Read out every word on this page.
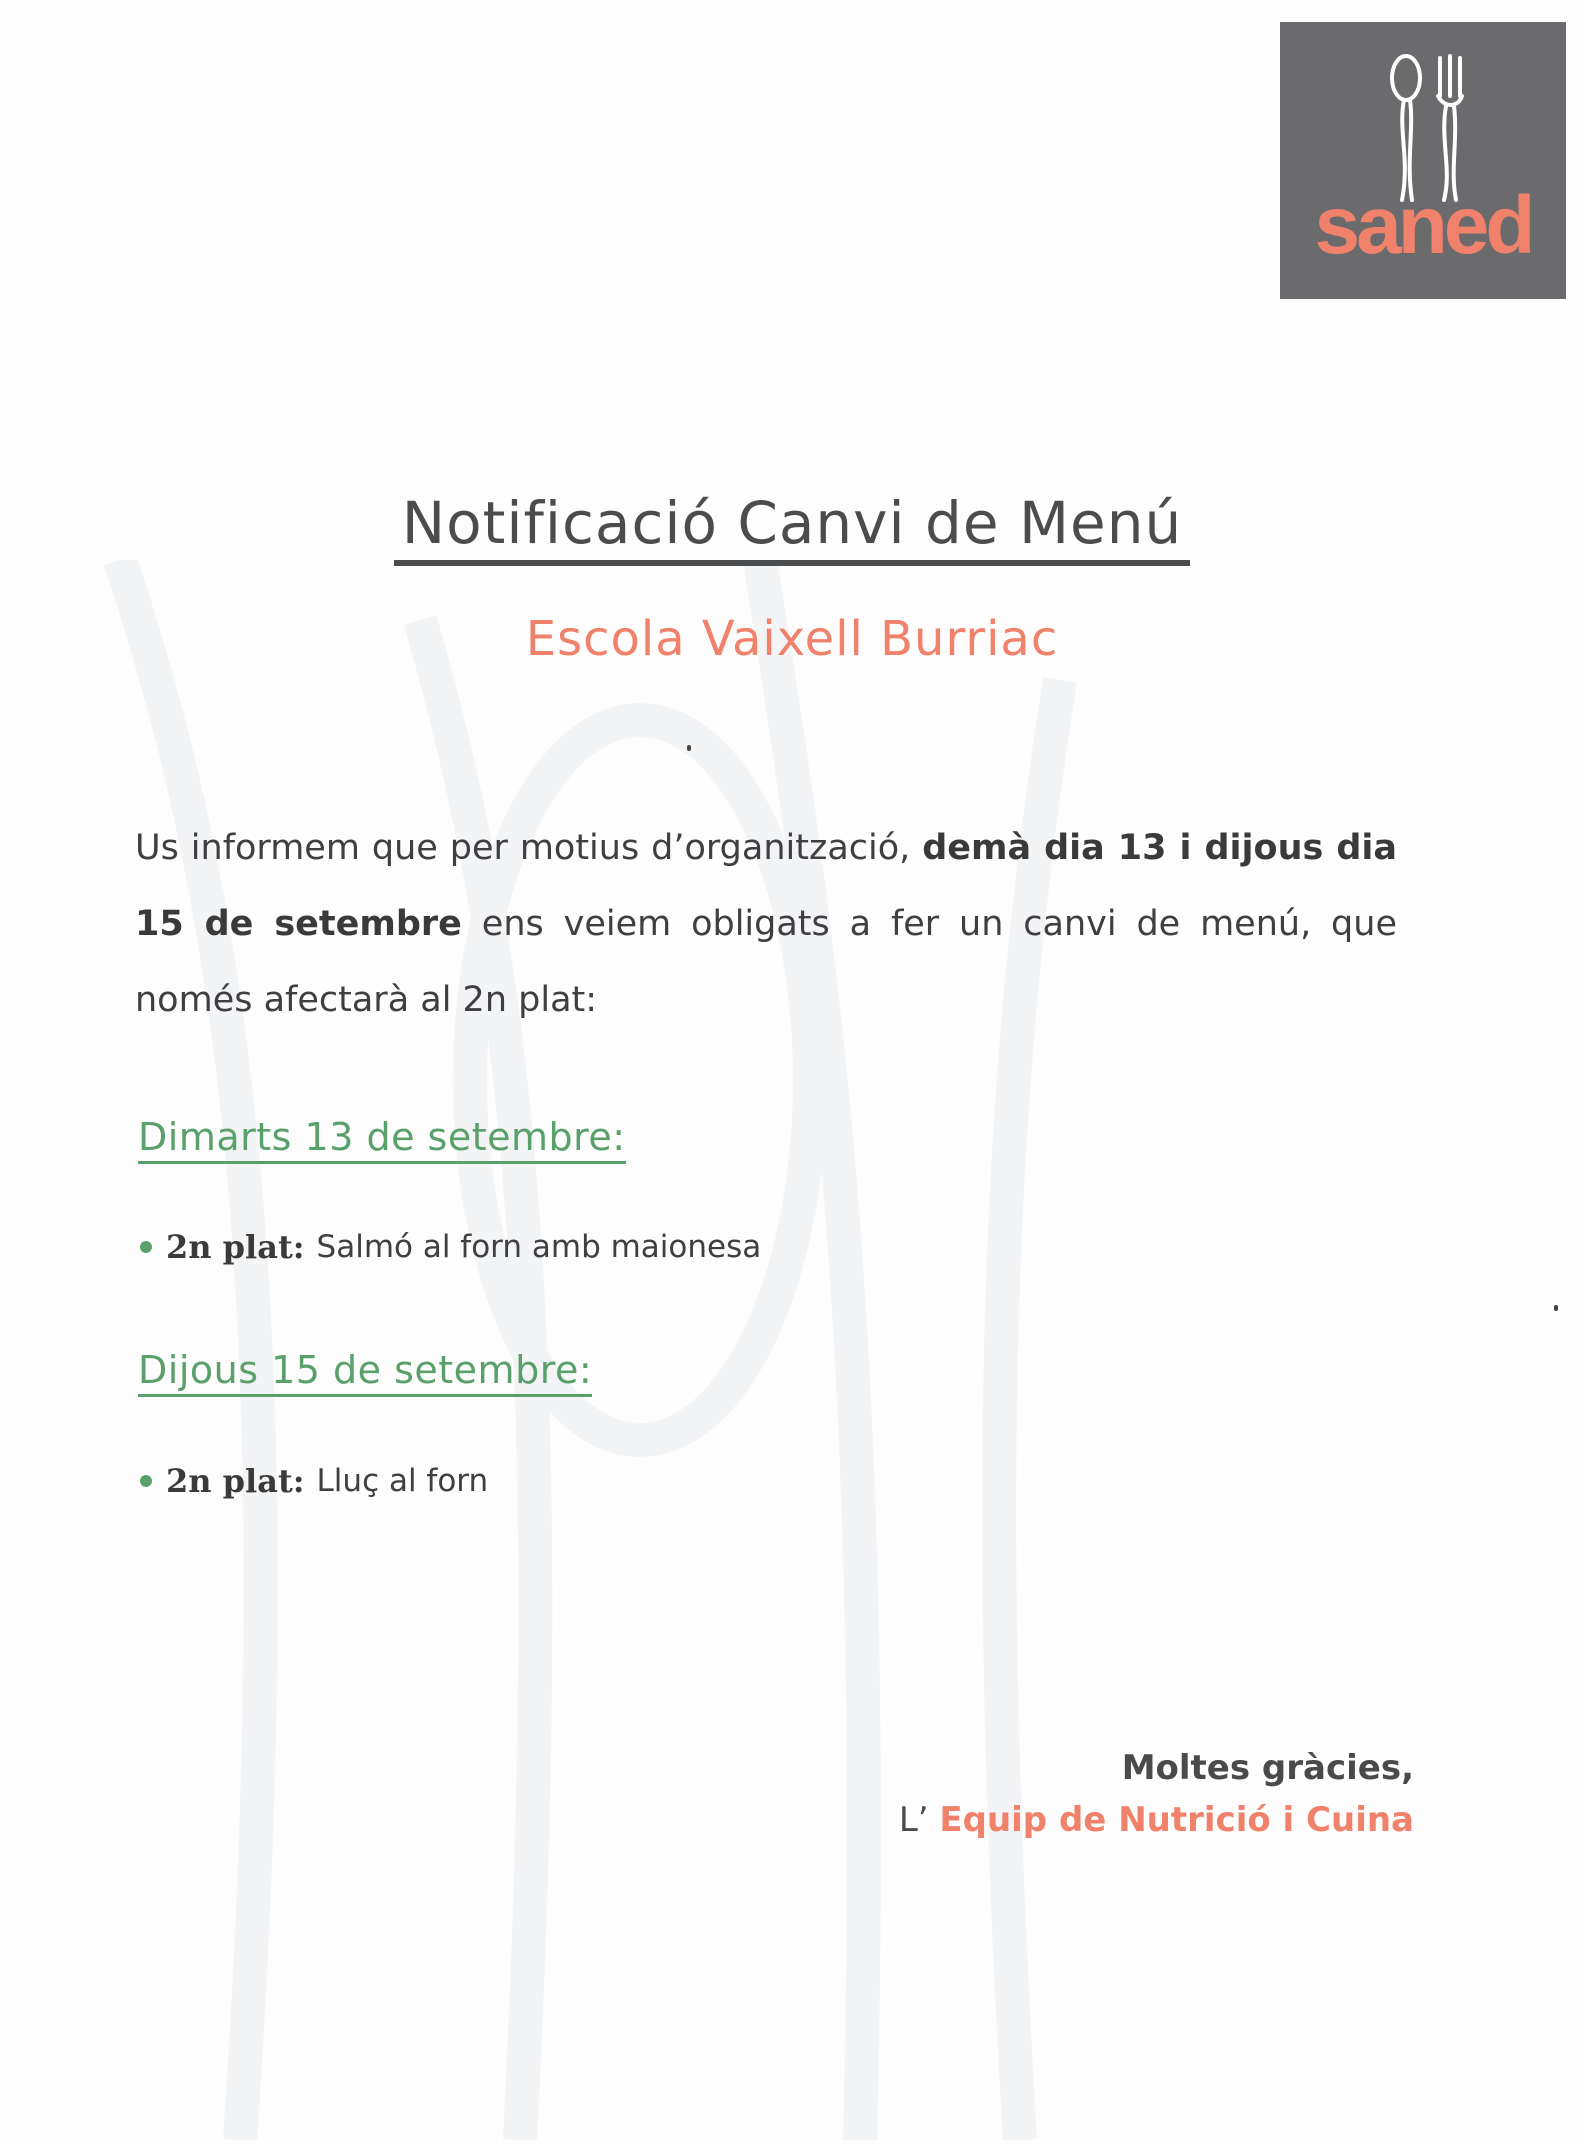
saned
Notificació Canvi de Menú
Escola Vaixell Burriac
Us informem que per motius d’organització, demà dia 13 i dijous dia 15 de setembre ens veiem obligats a fer un canvi de menú, que només afectarà al 2n plat:
Dimarts 13 de setembre:
2n plat: Salmó al forn amb maionesa
Dijous 15 de setembre:
2n plat: Lluç al forn
Moltes gràcies,
L’ Equip de Nutrició i Cuina
